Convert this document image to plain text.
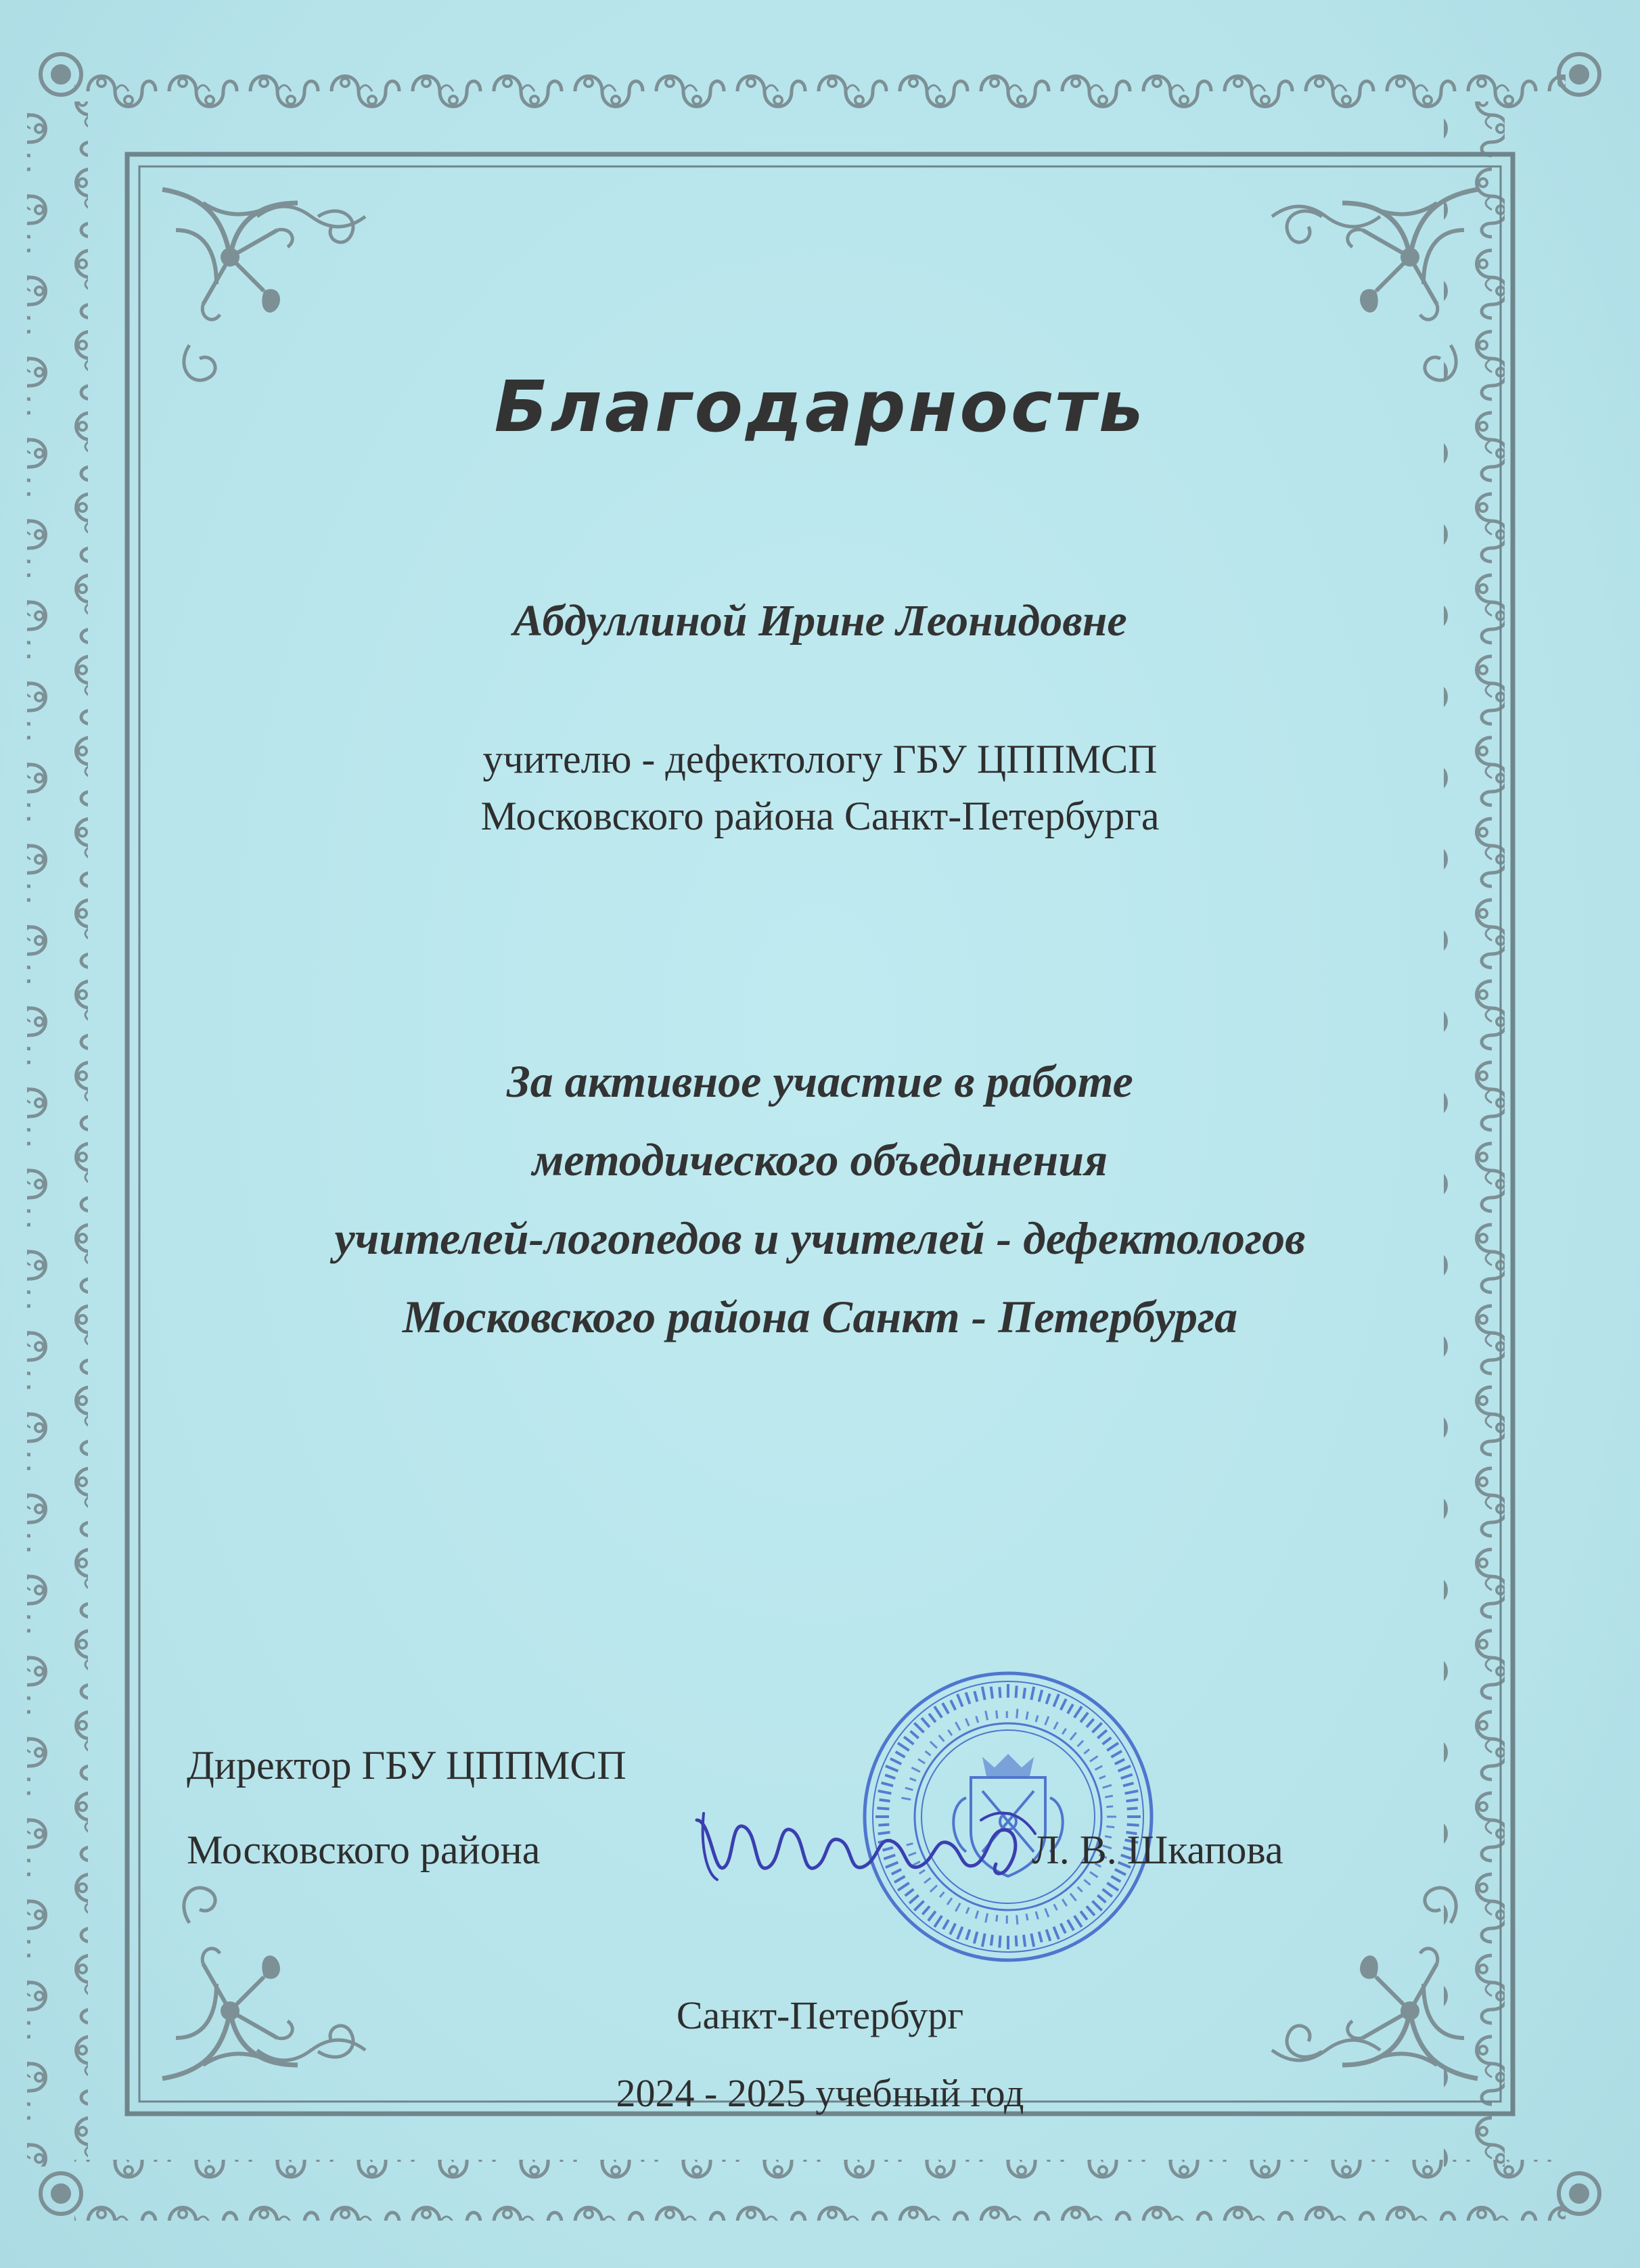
Благодарность

Абдуллиной Ирине Леонидовне

учителю - дефектологу ГБУ ЦППМСП
Московского района Санкт-Петербурга
За активное участие в работе
методического объединения
учителей-логопедов и учителей - дефектологов
Московского района Санкт - Петербурга

Директор ГБУ ЦППМСП

Московского района	Л. В. Шкапова

Санкт-Петербург

2024 - 2025 учебный год
